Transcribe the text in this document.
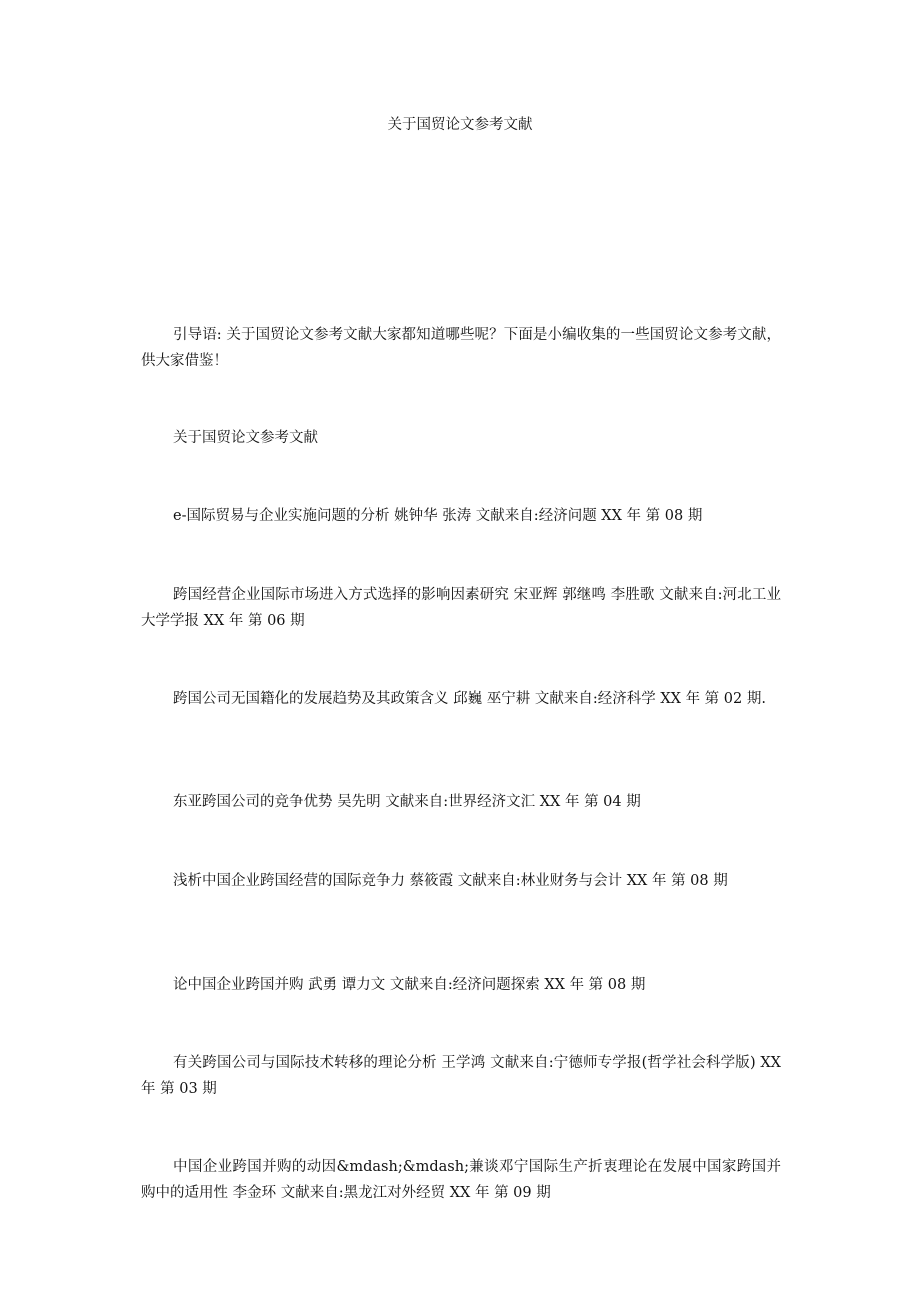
关于国贸论文参考文献

引导语: 关于国贸论文参考文献大家都知道哪些呢？下面是小编收集的一些国贸论文参考文献，供大家借鉴！

关于国贸论文参考文献

e-国际贸易与企业实施问题的分析 姚钟华 张涛 文献来自:经济问题 XX 年 第 08 期

跨国经营企业国际市场进入方式选择的影响因素研究 宋亚辉 郭继鸣 李胜歌 文献来自:河北工业大学学报 XX 年 第 06 期

跨国公司无国籍化的发展趋势及其政策含义 邱巍 巫宁耕 文献来自:经济科学 XX 年 第 02 期.

东亚跨国公司的竞争优势 吴先明 文献来自:世界经济文汇 XX 年 第 04 期

浅析中国企业跨国经营的国际竞争力 蔡筱霞 文献来自:林业财务与会计 XX 年 第 08 期

论中国企业跨国并购 武勇 谭力文 文献来自:经济问题探索 XX 年 第 08 期

有关跨国公司与国际技术转移的理论分析 王学鸿 文献来自:宁德师专学报(哲学社会科学版) XX 年 第 03 期

中国企业跨国并购的动因&mdash;&mdash;兼谈邓宁国际生产折衷理论在发展中国家跨国并购中的适用性 李金环 文献来自:黑龙江对外经贸 XX 年 第 09 期
